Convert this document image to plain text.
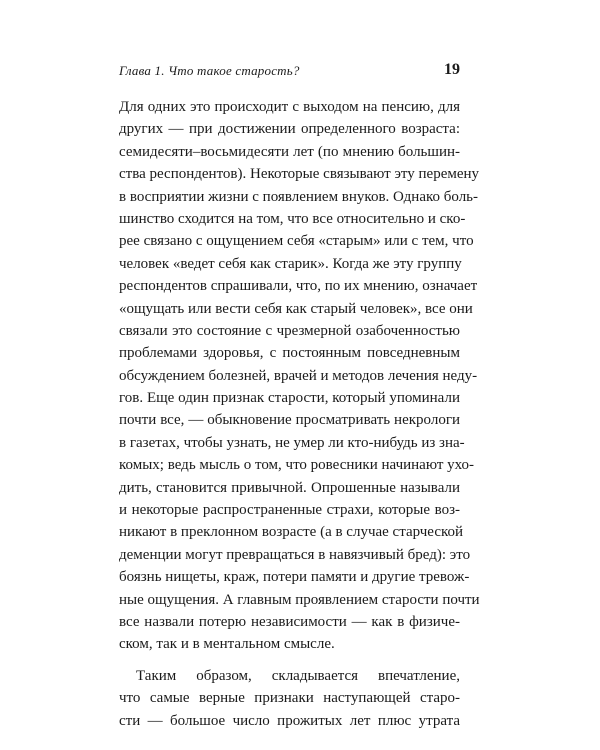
Глава 1. Что такое старость?	19
Для одних это происходит с выходом на пенсию, для
других — при достижении определенного возраста:
семидесяти–восьмидесяти лет (по мнению большин-
ства респондентов). Некоторые связывают эту перемену
в восприятии жизни с появлением внуков. Однако боль-
шинство сходится на том, что все относительно и ско-
рее связано с ощущением себя «старым» или с тем, что
человек «ведет себя как старик». Когда же эту группу
респондентов спрашивали, что, по их мнению, означает
«ощущать или вести себя как старый человек», все они
связали это состояние с чрезмерной озабоченностью
проблемами здоровья, с постоянным повседневным
обсуждением болезней, врачей и методов лечения неду-
гов. Еще один признак старости, который упоминали
почти все, — обыкновение просматривать некрологи
в газетах, чтобы узнать, не умер ли кто-нибудь из зна-
комых; ведь мысль о том, что ровесники начинают ухо-
дить, становится привычной. Опрошенные называли
и некоторые распространенные страхи, которые воз-
никают в преклонном возрасте (а в случае старческой
деменции могут превращаться в навязчивый бред): это
боязнь нищеты, краж, потери памяти и другие тревож-
ные ощущения. А главным проявлением старости почти
все назвали потерю независимости — как в физиче-
ском, так и в ментальном смысле.
Таким образом, складывается впечатление,
что самые верные признаки наступающей старо-
сти — большое число прожитых лет плюс утрата
